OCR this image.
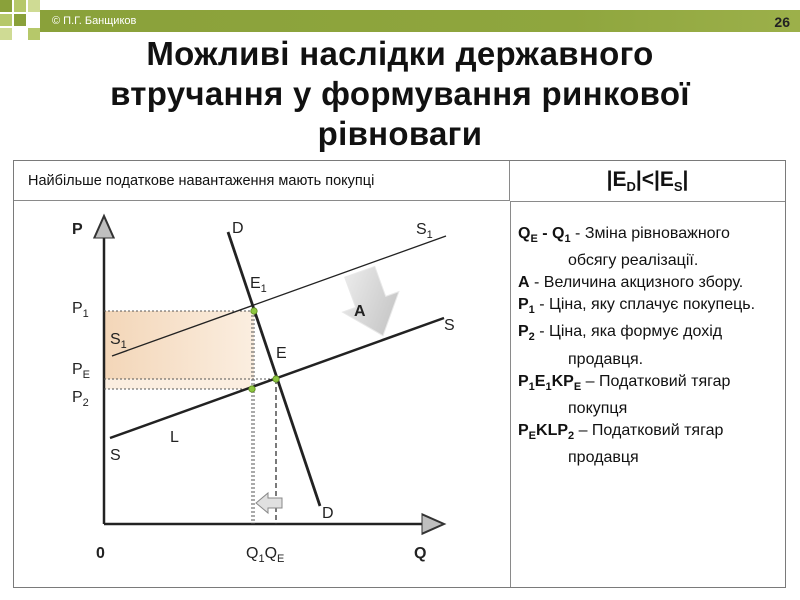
© П.Г. Банщиков	26
Можливі наслідки державного
втручання у формування ринкової
рівноваги
Найбільше податкове навантаження мають покупці	$|E_D|<|E_S|$

$Q_E - Q_1$ - Зміна рівноважного обсягу реалізації.

A - Величина акцизного збору.

$P_1$ - Ціна, яку сплачує покупець.

$P_2$ - Ціна, яка формує дохід продавця.

$P_1E_1KP_E$ – Податковий тягар покупця

$P_EKLP_2$ – Податковий тягар продавця

P
Q
0
D
D
$S_1$
S
S
$S_1$
$E_1$
E
A
L
$P_1$
$P_E$
$P_2$
$Q_1Q_E$
